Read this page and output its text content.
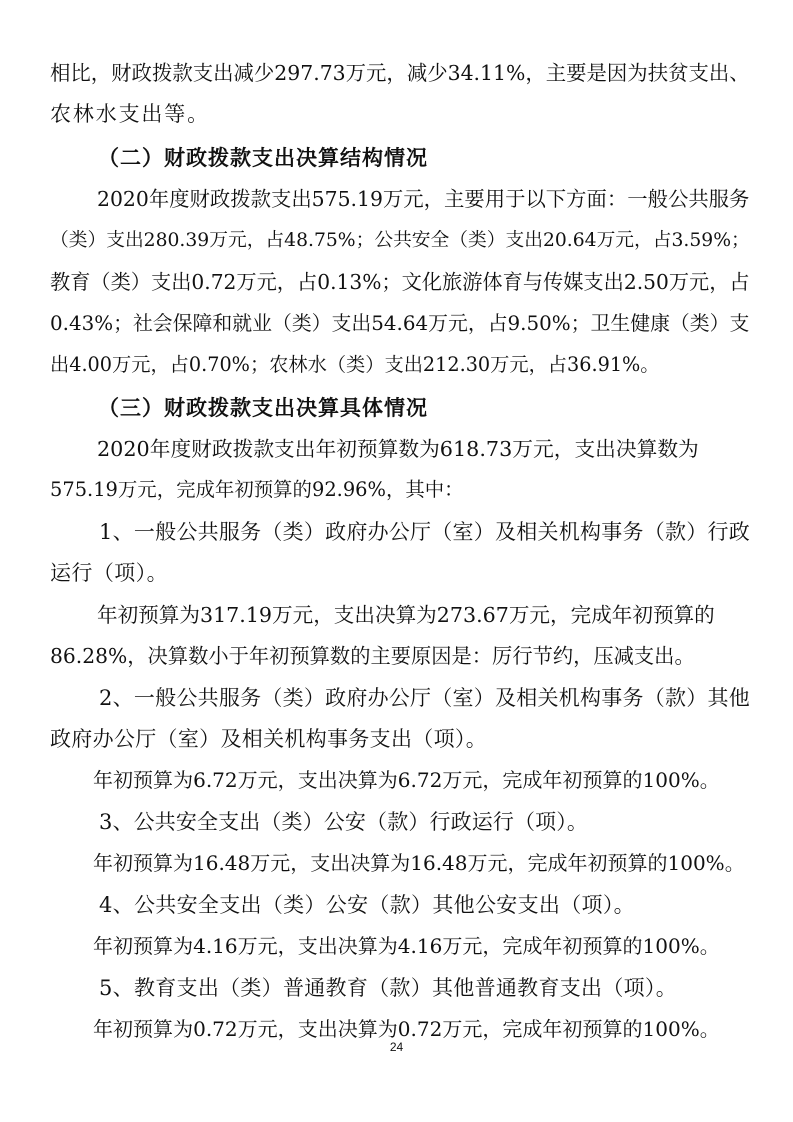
相比，财政拨款支出减少297.73万元，减少34.11%，主要是因为扶贫支出、

农林水支出等。

（二）财政拨款支出决算结构情况

2020年度财政拨款支出575.19万元，主要用于以下方面：一般公共服务

（类）支出280.39万元，占48.75%；公共安全（类）支出20.64万元，占3.59%；

教育（类）支出0.72万元，占0.13%；文化旅游体育与传媒支出2.50万元，占

0.43%；社会保障和就业（类）支出54.64万元，占9.50%；卫生健康（类）支

出4.00万元，占0.70%；农林水（类）支出212.30万元，占36.91%。

（三）财政拨款支出决算具体情况

2020年度财政拨款支出年初预算数为618.73万元，支出决算数为

575.19万元，完成年初预算的92.96%，其中：

1、一般公共服务（类）政府办公厅（室）及相关机构事务（款）行政

运行（项）。

年初预算为317.19万元，支出决算为273.67万元，完成年初预算的

86.28%，决算数小于年初预算数的主要原因是：厉行节约，压减支出。

2、一般公共服务（类）政府办公厅（室）及相关机构事务（款）其他

政府办公厅（室）及相关机构事务支出（项）。

年初预算为6.72万元，支出决算为6.72万元，完成年初预算的100%。

3、公共安全支出（类）公安（款）行政运行（项）。

年初预算为16.48万元，支出决算为16.48万元，完成年初预算的100%。

4、公共安全支出（类）公安（款）其他公安支出（项）。

年初预算为4.16万元，支出决算为4.16万元，完成年初预算的100%。

5、教育支出（类）普通教育（款）其他普通教育支出（项）。

年初预算为0.72万元，支出决算为0.72万元，完成年初预算的100%。

24
